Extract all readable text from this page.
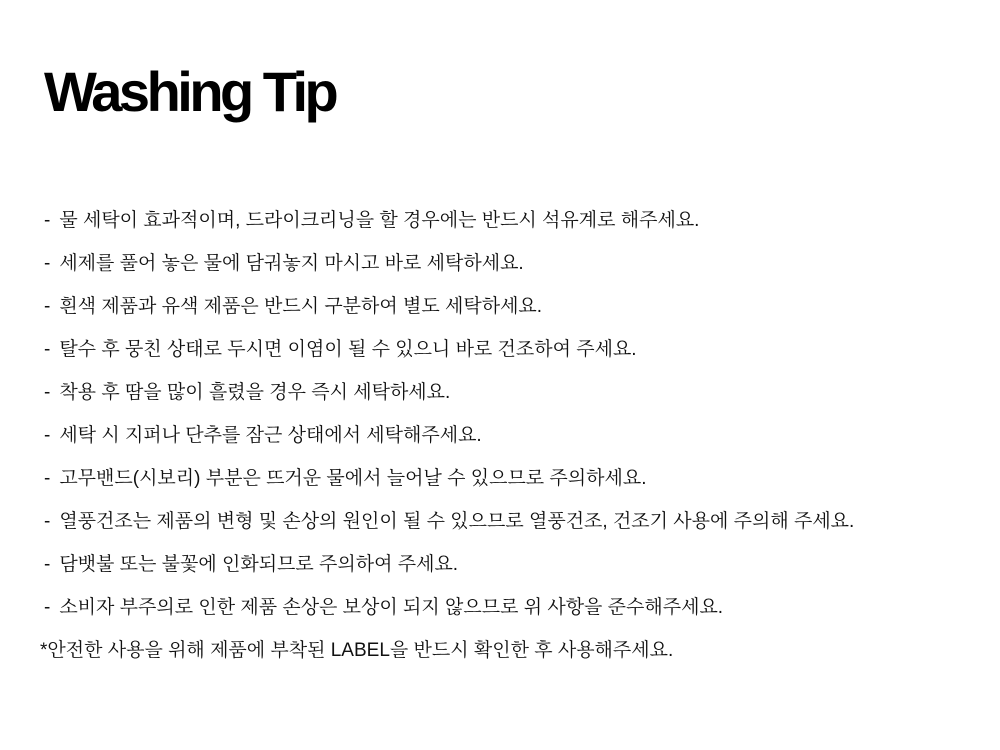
Washing Tip
- 물 세탁이 효과적이며, 드라이크리닝을 할 경우에는 반드시 석유계로 해주세요.
- 세제를 풀어 놓은 물에 담궈놓지 마시고 바로 세탁하세요.
- 흰색 제품과 유색 제품은 반드시 구분하여 별도 세탁하세요.
- 탈수 후 뭉친 상태로 두시면 이염이 될 수 있으니 바로 건조하여 주세요.
- 착용 후 땀을 많이 흘렸을 경우 즉시 세탁하세요.
- 세탁 시 지퍼나 단추를 잠근 상태에서 세탁해주세요.
- 고무밴드(시보리) 부분은 뜨거운 물에서 늘어날 수 있으므로 주의하세요.
- 열풍건조는 제품의 변형 및 손상의 원인이 될 수 있으므로 열풍건조, 건조기 사용에 주의해 주세요.
- 담뱃불 또는 불꽃에 인화되므로 주의하여 주세요.
- 소비자 부주의로 인한 제품 손상은 보상이 되지 않으므로 위 사항을 준수해주세요.
*안전한 사용을 위해 제품에 부착된 LABEL을 반드시 확인한 후 사용해주세요.
